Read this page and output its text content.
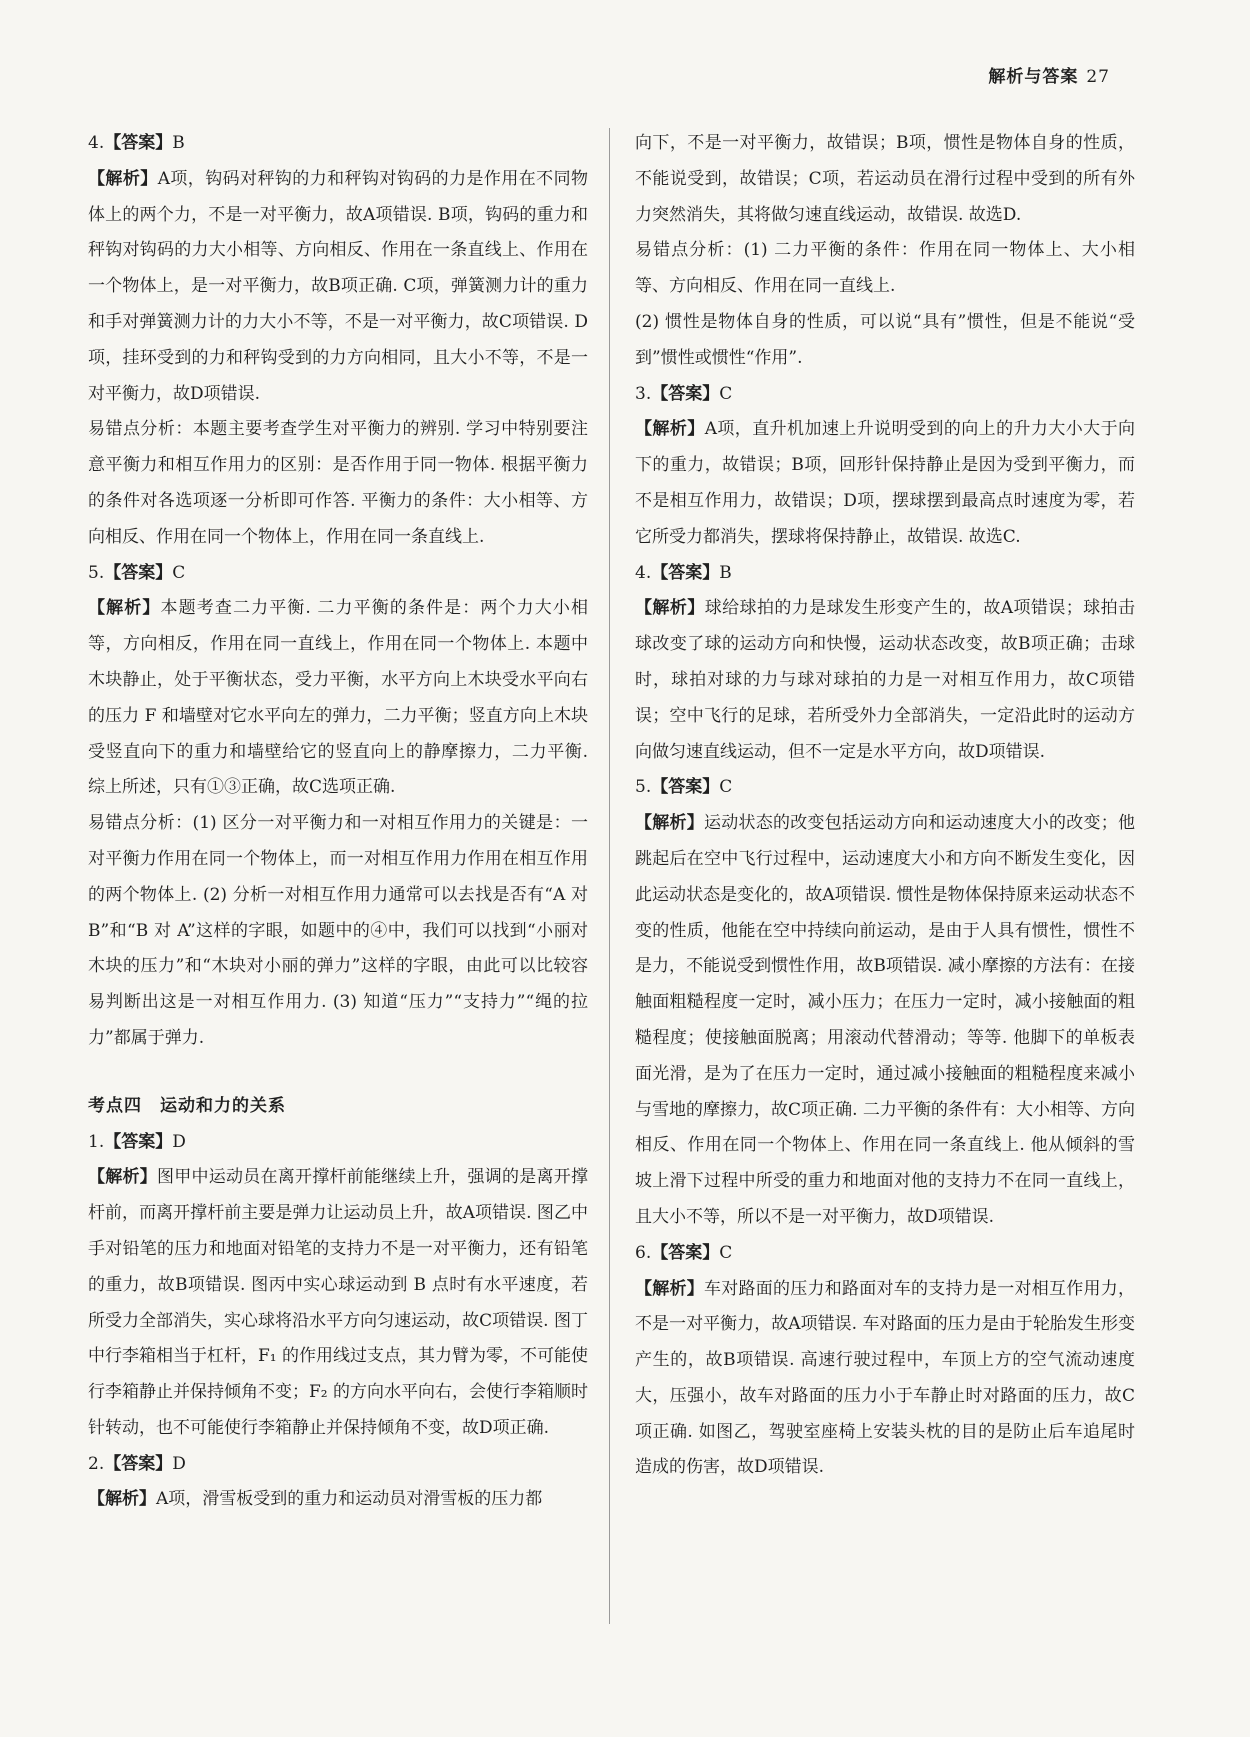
解析与答案 27

4.【答案】B

【解析】A项，钩码对秤钩的力和秤钩对钩码的力是作用在不同物体上的两个力，不是一对平衡力，故A项错误. B项，钩码的重力和秤钩对钩码的力大小相等、方向相反、作用在一条直线上、作用在一个物体上，是一对平衡力，故B项正确. C项，弹簧测力计的重力和手对弹簧测力计的力大小不等，不是一对平衡力，故C项错误. D项，挂环受到的力和秤钩受到的力方向相同，且大小不等，不是一对平衡力，故D项错误.

易错点分析：本题主要考查学生对平衡力的辨别. 学习中特别要注意平衡力和相互作用力的区别：是否作用于同一物体. 根据平衡力的条件对各选项逐一分析即可作答. 平衡力的条件：大小相等、方向相反、作用在同一个物体上，作用在同一条直线上.

5.【答案】C

【解析】本题考查二力平衡. 二力平衡的条件是：两个力大小相等，方向相反，作用在同一直线上，作用在同一个物体上. 本题中木块静止，处于平衡状态，受力平衡，水平方向上木块受水平向右的压力 F 和墙壁对它水平向左的弹力，二力平衡；竖直方向上木块受竖直向下的重力和墙壁给它的竖直向上的静摩擦力，二力平衡. 综上所述，只有①③正确，故C选项正确.

易错点分析：(1) 区分一对平衡力和一对相互作用力的关键是：一对平衡力作用在同一个物体上，而一对相互作用力作用在相互作用的两个物体上. (2) 分析一对相互作用力通常可以去找是否有“A 对 B”和“B 对 A”这样的字眼，如题中的④中，我们可以找到“小丽对木块的压力”和“木块对小丽的弹力”这样的字眼，由此可以比较容易判断出这是一对相互作用力. (3) 知道“压力”“支持力”“绳的拉力”都属于弹力.

考点四 运动和力的关系

1.【答案】D

【解析】图甲中运动员在离开撑杆前能继续上升，强调的是离开撑杆前，而离开撑杆前主要是弹力让运动员上升，故A项错误. 图乙中手对铅笔的压力和地面对铅笔的支持力不是一对平衡力，还有铅笔的重力，故B项错误. 图丙中实心球运动到 B 点时有水平速度，若所受力全部消失，实心球将沿水平方向匀速运动，故C项错误. 图丁中行李箱相当于杠杆，F₁ 的作用线过支点，其力臂为零，不可能使行李箱静止并保持倾角不变；F₂ 的方向水平向右，会使行李箱顺时针转动，也不可能使行李箱静止并保持倾角不变，故D项正确.

2.【答案】D

【解析】A项，滑雪板受到的重力和运动员对滑雪板的压力都

向下，不是一对平衡力，故错误；B项，惯性是物体自身的性质，不能说受到，故错误；C项，若运动员在滑行过程中受到的所有外力突然消失，其将做匀速直线运动，故错误. 故选D.

易错点分析：(1) 二力平衡的条件：作用在同一物体上、大小相等、方向相反、作用在同一直线上.

(2) 惯性是物体自身的性质，可以说“具有”惯性，但是不能说“受到”惯性或惯性“作用”.

3.【答案】C

【解析】A项，直升机加速上升说明受到的向上的升力大小大于向下的重力，故错误；B项，回形针保持静止是因为受到平衡力，而不是相互作用力，故错误；D项，摆球摆到最高点时速度为零，若它所受力都消失，摆球将保持静止，故错误. 故选C.

4.【答案】B

【解析】球给球拍的力是球发生形变产生的，故A项错误；球拍击球改变了球的运动方向和快慢，运动状态改变，故B项正确；击球时，球拍对球的力与球对球拍的力是一对相互作用力，故C项错误；空中飞行的足球，若所受外力全部消失，一定沿此时的运动方向做匀速直线运动，但不一定是水平方向，故D项错误.

5.【答案】C

【解析】运动状态的改变包括运动方向和运动速度大小的改变；他跳起后在空中飞行过程中，运动速度大小和方向不断发生变化，因此运动状态是变化的，故A项错误. 惯性是物体保持原来运动状态不变的性质，他能在空中持续向前运动，是由于人具有惯性，惯性不是力，不能说受到惯性作用，故B项错误. 减小摩擦的方法有：在接触面粗糙程度一定时，减小压力；在压力一定时，减小接触面的粗糙程度；使接触面脱离；用滚动代替滑动；等等. 他脚下的单板表面光滑，是为了在压力一定时，通过减小接触面的粗糙程度来减小与雪地的摩擦力，故C项正确. 二力平衡的条件有：大小相等、方向相反、作用在同一个物体上、作用在同一条直线上. 他从倾斜的雪坡上滑下过程中所受的重力和地面对他的支持力不在同一直线上，且大小不等，所以不是一对平衡力，故D项错误.

6.【答案】C

【解析】车对路面的压力和路面对车的支持力是一对相互作用力，不是一对平衡力，故A项错误. 车对路面的压力是由于轮胎发生形变产生的，故B项错误. 高速行驶过程中，车顶上方的空气流动速度大，压强小，故车对路面的压力小于车静止时对路面的压力，故C项正确. 如图乙，驾驶室座椅上安装头枕的目的是防止后车追尾时造成的伤害，故D项错误.
